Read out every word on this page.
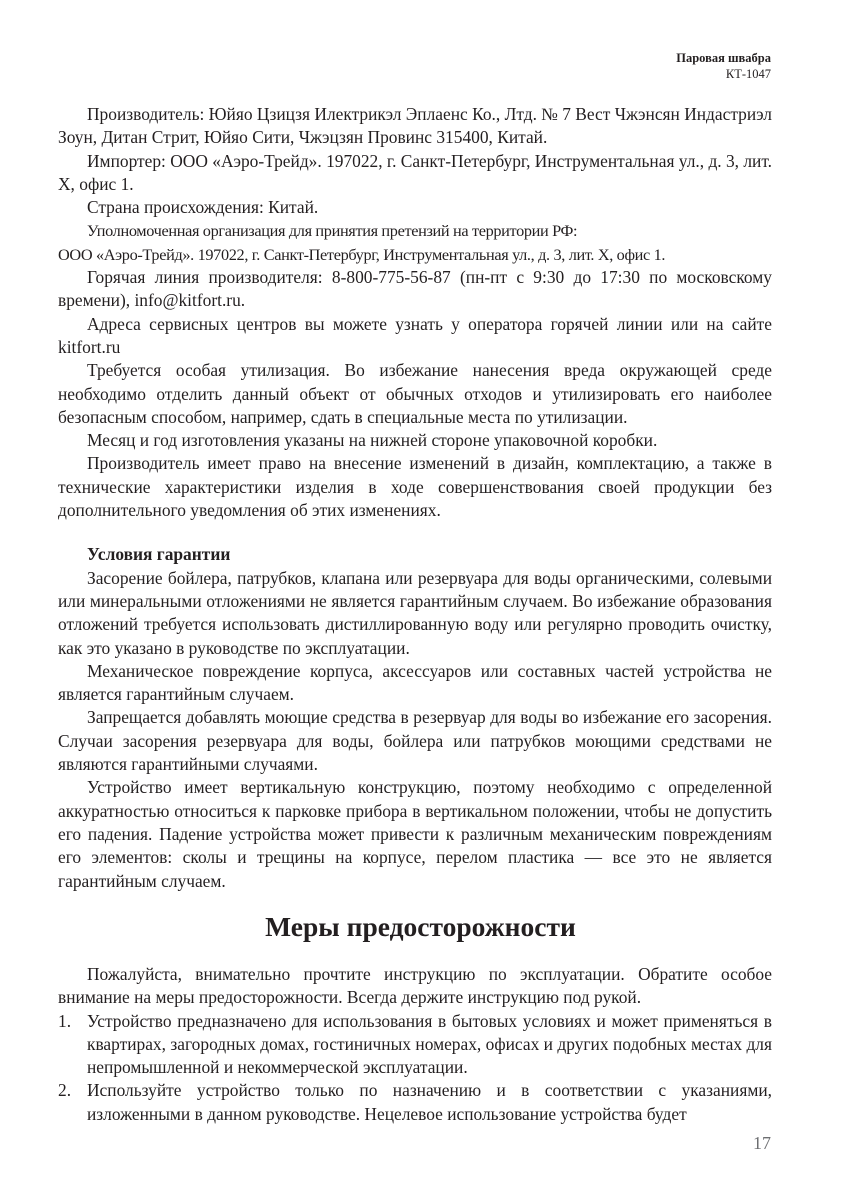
Паровая швабра
КТ-1047

Производитель: Юйяо Цзицзя Илектрикэл Эплаенс Ко., Лтд. № 7 Вест Чжэнсян Индастриэл Зоун, Дитан Стрит, Юйяо Сити, Чжэцзян Провинс 315400, Китай.

Импортер: ООО «Аэро-Трейд». 197022, г. Санкт-Петербург, Инструментальная ул., д. 3, лит. Х, офис 1.

Страна происхождения: Китай.

Уполномоченная организация для принятия претензий на территории РФ:

ООО «Аэро-Трейд». 197022, г. Санкт-Петербург, Инструментальная ул., д. 3, лит. Х, офис 1.

Горячая линия производителя: 8-800-775-56-87 (пн-пт с 9:30 до 17:30 по московскому времени), info@kitfort.ru.

Адреса сервисных центров вы можете узнать у оператора горячей линии или на сайте kitfort.ru

Требуется особая утилизация. Во избежание нанесения вреда окружающей среде необходимо отделить данный объект от обычных отходов и утилизировать его наиболее безопасным способом, например, сдать в специальные места по утилизации.

Месяц и год изготовления указаны на нижней стороне упаковочной коробки.

Производитель имеет право на внесение изменений в дизайн, комплектацию, а также в технические характеристики изделия в ходе совершенствования своей продукции без дополнительного уведомления об этих изменениях.

Условия гарантии

Засорение бойлера, патрубков, клапана или резервуара для воды органическими, солевыми или минеральными отложениями не является гарантийным случаем. Во избежание образования отложений требуется использовать дистиллированную воду или регулярно проводить очистку, как это указано в руководстве по эксплуатации.

Механическое повреждение корпуса, аксессуаров или составных частей устройства не является гарантийным случаем.

Запрещается добавлять моющие средства в резервуар для воды во избежание его засорения. Случаи засорения резервуара для воды, бойлера или патрубков моющими средствами не являются гарантийными случаями.

Устройство имеет вертикальную конструкцию, поэтому необходимо с определенной аккуратностью относиться к парковке прибора в вертикальном положении, чтобы не допустить его падения. Падение устройства может привести к различным механическим повреждениям его элементов: сколы и трещины на корпусе, перелом пластика — все это не является гарантийным случаем.

Меры предосторожности

Пожалуйста, внимательно прочтите инструкцию по эксплуатации. Обратите особое внимание на меры предосторожности. Всегда держите инструкцию под рукой.

1. Устройство предназначено для использования в бытовых условиях и может применяться в квартирах, загородных домах, гостиничных номерах, офисах и других подобных местах для непромышленной и некоммерческой эксплуатации.
2. Используйте устройство только по назначению и в соответствии с указаниями, изложенными в данном руководстве. Нецелевое использование устройства будет
17
